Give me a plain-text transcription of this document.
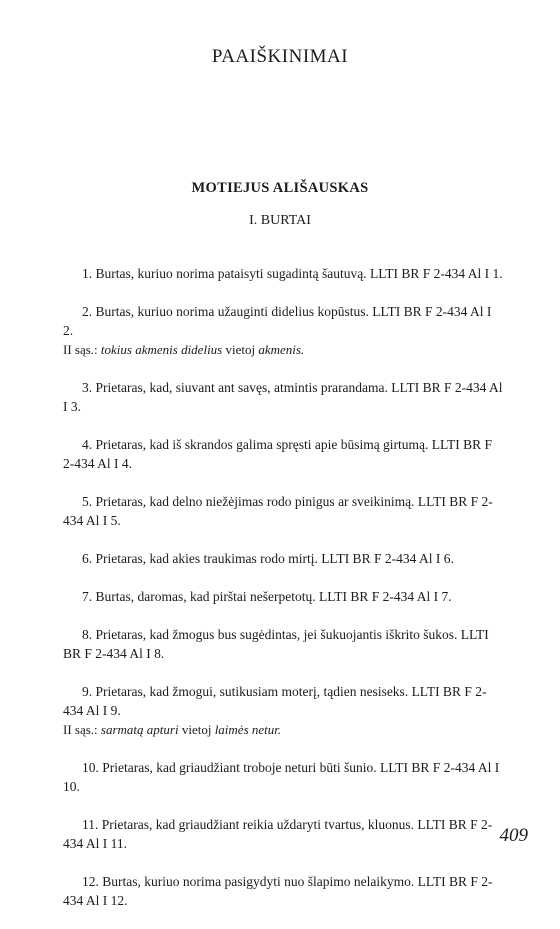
PAAIŠKINIMAI
MOTIEJUS ALIŠAUSKAS
I. BURTAI

1. Burtas, kuriuo norima pataisyti sugadintą šautuvą. LLTI BR F 2-434 Al I 1.

2. Burtas, kuriuo norima užauginti didelius kopūstus. LLTI BR F 2-434 Al I 2.
II sąs.: tokius akmenis didelius vietoj akmenis.

3. Prietaras, kad, siuvant ant savęs, atmintis prarandama. LLTI BR F 2-434 Al I 3.

4. Prietaras, kad iš skrandos galima spręsti apie būsimą girtumą. LLTI BR F 2-434 Al I 4.

5. Prietaras, kad delno niežėjimas rodo pinigus ar sveikinimą. LLTI BR F 2-434 Al I 5.

6. Prietaras, kad akies traukimas rodo mirtį. LLTI BR F 2-434 Al I 6.

7. Burtas, daromas, kad pirštai nešerpetotų. LLTI BR F 2-434 Al I 7.

8. Prietaras, kad žmogus bus sugėdintas, jei šukuojantis iškrito šukos. LLTI BR F 2-434 Al I 8.

9. Prietaras, kad žmogui, sutikusiam moterį, tądien nesiseks. LLTI BR F 2-434 Al I 9.
II sąs.: sarmatą apturi vietoj laimės netur.

10. Prietaras, kad griaudžiant troboje neturi būti šunio. LLTI BR F 2-434 Al I 10.

11. Prietaras, kad griaudžiant reikia uždaryti tvartus, kluonus. LLTI BR F 2-434 Al I 11.

12. Burtas, kuriuo norima pasigydyti nuo šlapimo nelaikymo. LLTI BR F 2-434 Al I 12.

409
